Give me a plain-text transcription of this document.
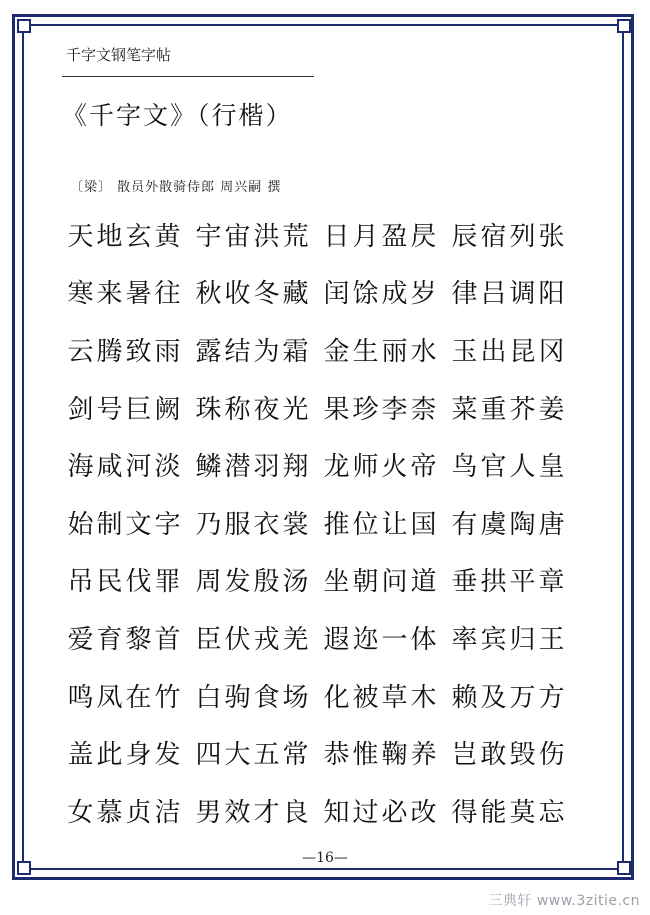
千字文钢笔字帖
《千字文》（行楷）
〔梁〕 散员外散骑侍郎 周兴嗣 撰
天 地 玄 黄 宇 宙 洪 荒 日 月 盈 昃 辰 宿 列 张
寒 来 暑 往 秋 收 冬 藏 闰 馀 成 岁 律 吕 调 阳
云 腾 致 雨 露 结 为 霜 金 生 丽 水 玉 出 昆 冈
剑 号 巨 阙 珠 称 夜 光 果 珍 李 柰 菜 重 芥 姜
海 咸 河 淡 鳞 潜 羽 翔 龙 师 火 帝 鸟 官 人 皇
始 制 文 字 乃 服 衣 裳 推 位 让 国 有 虞 陶 唐
吊 民 伐 罪 周 发 殷 汤 坐 朝 问 道 垂 拱 平 章
爱 育 黎 首 臣 伏 戎 羌 遐 迩 一 体 率 宾 归 王
鸣 凤 在 竹 白 驹 食 场 化 被 草 木 赖 及 万 方
盖 此 身 发 四 大 五 常 恭 惟 鞠 养 岂 敢 毁 伤
女 慕 贞 洁 男 效 才 良 知 过 必 改 得 能 莫 忘
—16—
三典轩 www.3zitie.cn
